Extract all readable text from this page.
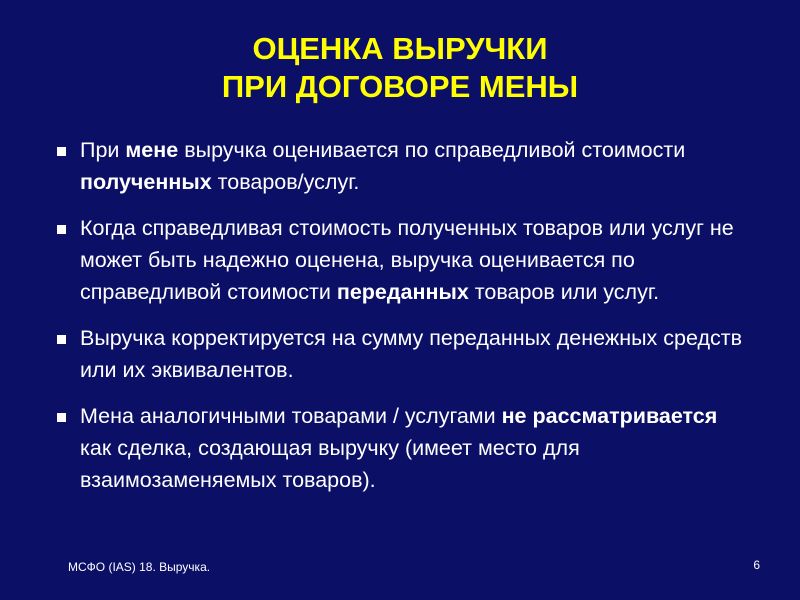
ОЦЕНКА ВЫРУЧКИ
ПРИ ДОГОВОРЕ МЕНЫ
При мене выручка оценивается по справедливой стоимости полученных товаров/услуг.
Когда справедливая стоимость полученных товаров или услуг не может быть надежно оценена, выручка оценивается по справедливой стоимости переданных товаров или услуг.
Выручка корректируется на сумму переданных денежных средств или их эквивалентов.
Мена аналогичными товарами / услугами не рассматривается как сделка, создающая выручку (имеет место для взаимозаменяемых товаров).
МСФО (IAS) 18. Выручка.	6
